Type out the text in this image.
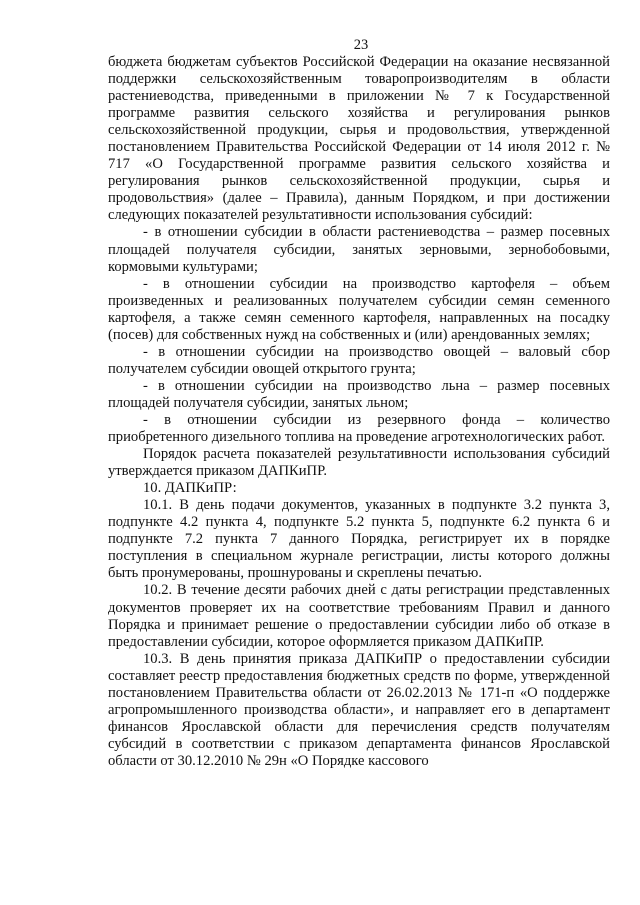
23

бюджета бюджетам субъектов Российской Федерации на оказание несвязанной поддержки сельскохозяйственным товаропроизводителям в области растениеводства, приведенными в приложении № 7 к Государственной программе развития сельского хозяйства и регулирования рынков сельскохозяйственной продукции, сырья и продовольствия, утвержденной постановлением Правительства Российской Федерации от 14 июля 2012 г. № 717 «О Государственной программе развития сельского хозяйства и регулирования рынков сельскохозяйственной продукции, сырья и продовольствия» (далее – Правила), данным Порядком, и при достижении следующих показателей результативности использования субсидий:

- в отношении субсидии в области растениеводства – размер посевных площадей получателя субсидии, занятых зерновыми, зернобобовыми, кормовыми культурами;

- в отношении субсидии на производство картофеля – объем произведенных и реализованных получателем субсидии семян семенного картофеля, а также семян семенного картофеля, направленных на посадку (посев) для собственных нужд на собственных и (или) арендованных землях;

- в отношении субсидии на производство овощей – валовый сбор получателем субсидии овощей открытого грунта;

- в отношении субсидии на производство льна – размер посевных площадей получателя субсидии, занятых льном;

- в отношении субсидии из резервного фонда – количество приобретенного дизельного топлива на проведение агротехнологических работ.

Порядок расчета показателей результативности использования субсидий утверждается приказом ДАПКиПР.

10. ДАПКиПР:

10.1. В день подачи документов, указанных в подпункте 3.2 пункта 3, подпункте 4.2 пункта 4, подпункте 5.2 пункта 5, подпункте 6.2 пункта 6 и подпункте 7.2 пункта 7 данного Порядка, регистрирует их в порядке поступления в специальном журнале регистрации, листы которого должны быть пронумерованы, прошнурованы и скреплены печатью.

10.2. В течение десяти рабочих дней с даты регистрации представленных документов проверяет их на соответствие требованиям Правил и данного Порядка и принимает решение о предоставлении субсидии либо об отказе в предоставлении субсидии, которое оформляется приказом ДАПКиПР.

10.3. В день принятия приказа ДАПКиПР о предоставлении субсидии составляет реестр предоставления бюджетных средств по форме, утвержденной постановлением Правительства области от 26.02.2013 № 171-п «О поддержке агропромышленного производства области», и направляет его в департамент финансов Ярославской области для перечисления средств получателям субсидий в соответствии с приказом департамента финансов Ярославской области от 30.12.2010 № 29н «О Порядке кассового
